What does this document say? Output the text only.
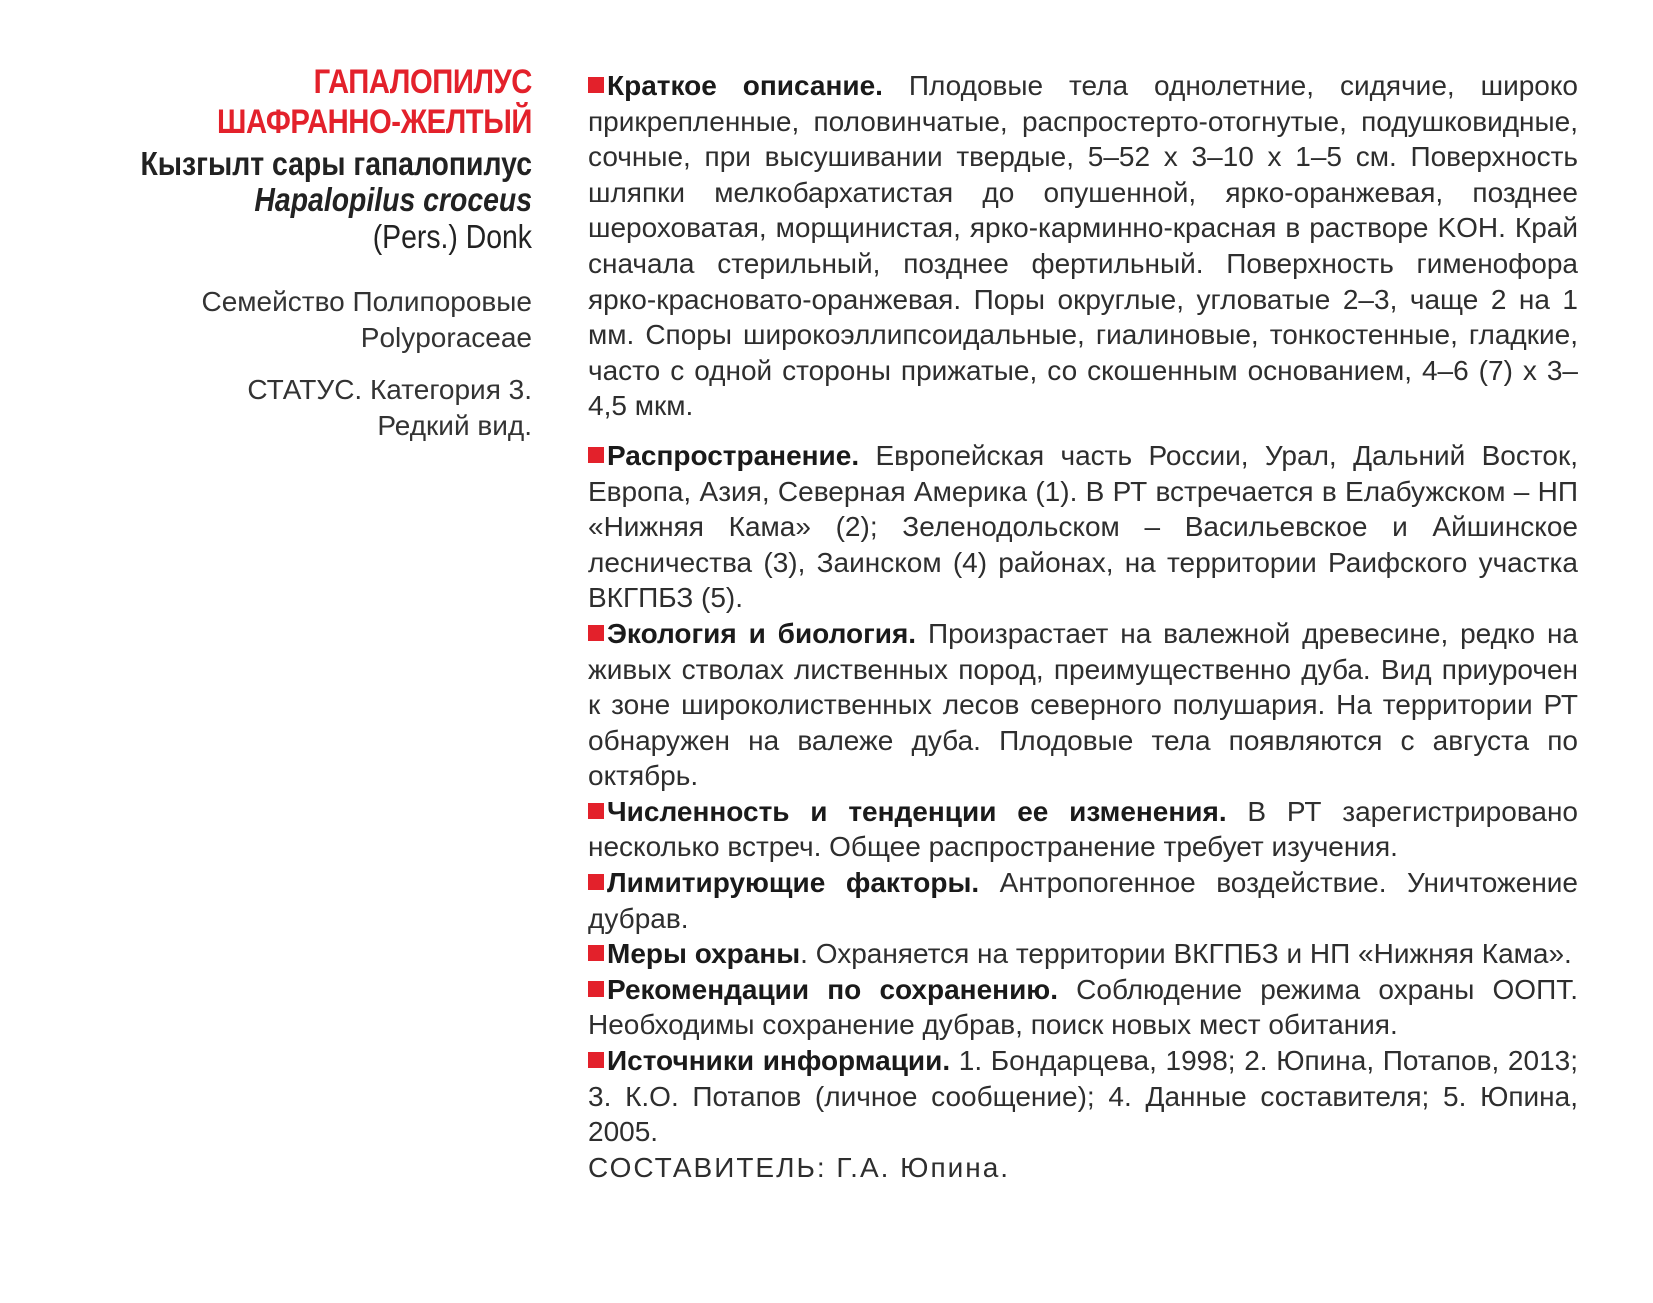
ГАПАЛОПИЛУС
ШАФРАННО-ЖЕЛТЫЙ
Кызгылт сары гапалопилус
Hapalopilus croceus
(Pers.) Donk
Семейство Полипоровые
Polyporaceae
СТАТУС. Категория 3.
Редкий вид.

Краткое описание. Плодовые тела однолетние, сидячие, широко прикрепленные, половинчатые, распростерто-отогнутые, подушковидные, сочные, при высушивании твердые, 5–52 x 3–10 x 1–5 см. Поверхность шляпки мелкобархатистая до опушенной, ярко-оранжевая, позднее шероховатая, морщинистая, ярко-карминно-красная в растворе KOH. Край сначала стерильный, позднее фертильный. Поверхность гименофора ярко-красновато-оранжевая. Поры округлые, угловатые 2–3, чаще 2 на 1 мм. Споры широкоэллипсоидальные, гиалиновые, тонкостенные, гладкие, часто с одной стороны прижатые, со скошенным основанием, 4–6 (7) x 3–4,5 мкм.

Распространение. Европейская часть России, Урал, Дальний Восток, Европа, Азия, Северная Америка (1). В РТ встречается в Елабужском – НП «Нижняя Кама» (2); Зеленодольском – Васильевское и Айшинское лесничества (3), Заинском (4) районах, на территории Раифского участка ВКГПБЗ (5).

Экология и биология. Произрастает на валежной древесине, редко на живых стволах лиственных пород, преимущественно дуба. Вид приурочен к зоне широколиственных лесов северного полушария. На территории РТ обнаружен на валеже дуба. Плодовые тела появляются с августа по октябрь.

Численность и тенденции ее изменения. В РТ зарегистрировано несколько встреч. Общее распространение требует изучения.

Лимитирующие факторы. Антропогенное воздействие. Уничтожение дубрав.

Меры охраны. Охраняется на территории ВКГПБЗ и НП «Нижняя Кама».

Рекомендации по сохранению. Соблюдение режима охраны ООПТ. Необходимы сохранение дубрав, поиск новых мест обитания.

Источники информации. 1. Бондарцева, 1998; 2. Юпина, Потапов, 2013; 3. К.О. Потапов (личное сообщение); 4. Данные составителя; 5. Юпина, 2005.

СОСТАВИТЕЛЬ: Г.А. Юпина.
